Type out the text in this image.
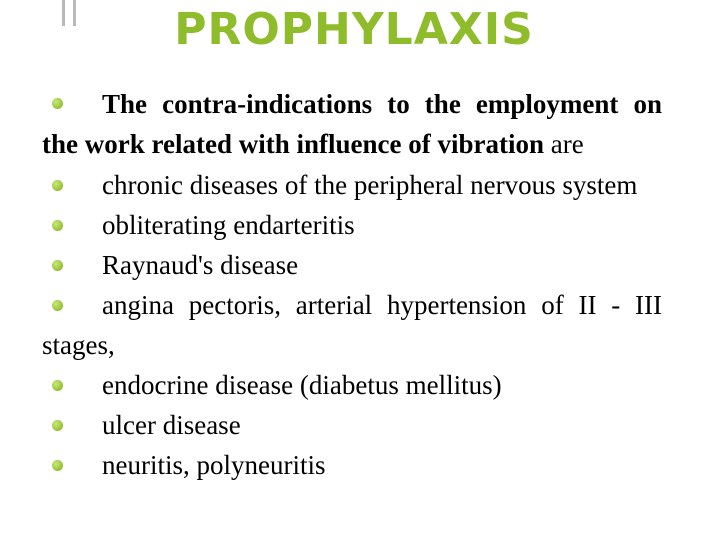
PROPHYLAXIS
The contra-indications to the employment on the work related with influence of vibration are
chronic diseases of the peripheral nervous system
obliterating endarteritis
Raynaud's disease
angina pectoris, arterial hypertension of II - III stages,
endocrine disease (diabetus mellitus)
ulcer disease
neuritis, polyneuritis
